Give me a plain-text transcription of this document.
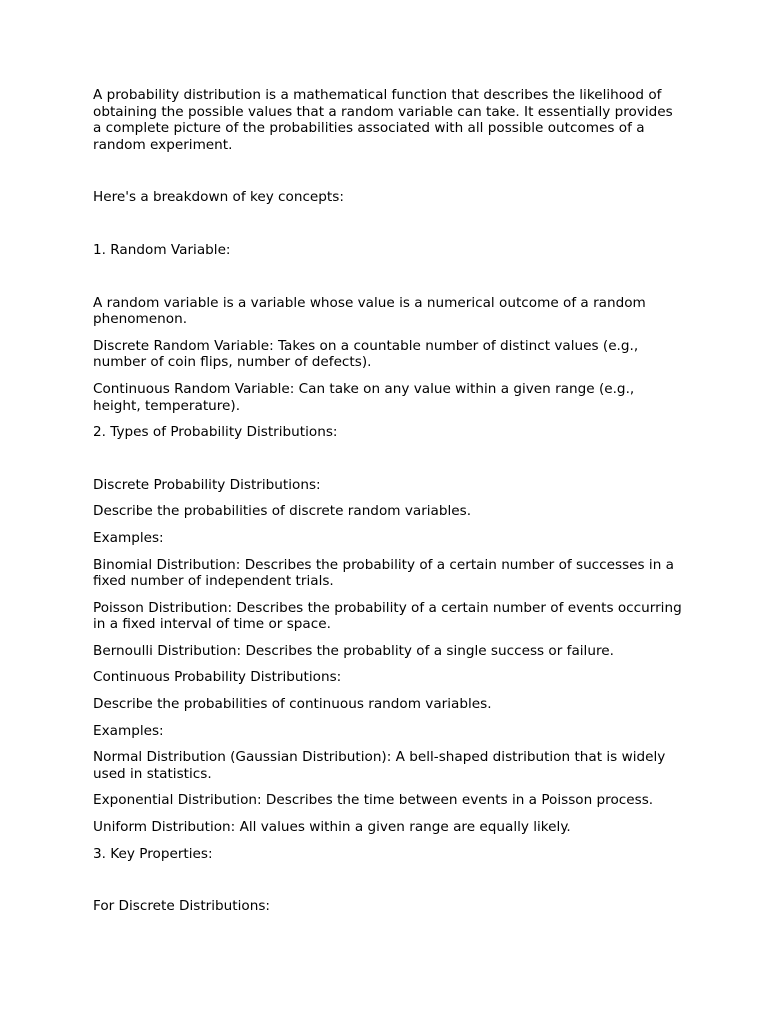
A probability distribution is a mathematical function that describes the likelihood of obtaining the possible values that a random variable can take. It essentially provides a complete picture of the probabilities associated with all possible outcomes of a random experiment.

Here's a breakdown of key concepts:

1. Random Variable:

A random variable is a variable whose value is a numerical outcome of a random phenomenon.

Discrete Random Variable: Takes on a countable number of distinct values (e.g., number of coin flips, number of defects).

Continuous Random Variable: Can take on any value within a given range (e.g., height, temperature).

2. Types of Probability Distributions:

Discrete Probability Distributions:

Describe the probabilities of discrete random variables.

Examples:

Binomial Distribution: Describes the probability of a certain number of successes in a fixed number of independent trials.

Poisson Distribution: Describes the probability of a certain number of events occurring in a fixed interval of time or space.

Bernoulli Distribution: Describes the probablity of a single success or failure.

Continuous Probability Distributions:

Describe the probabilities of continuous random variables.

Examples:

Normal Distribution (Gaussian Distribution): A bell-shaped distribution that is widely used in statistics.

Exponential Distribution: Describes the time between events in a Poisson process.

Uniform Distribution: All values within a given range are equally likely.

3. Key Properties:

For Discrete Distributions:
